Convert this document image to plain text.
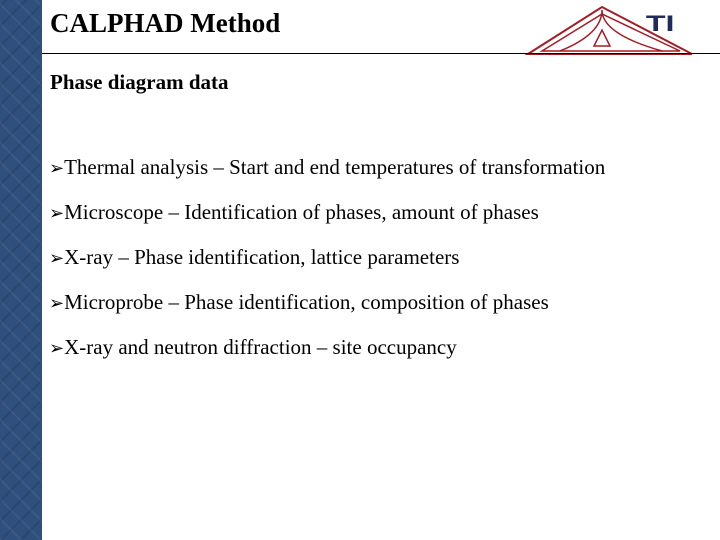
CALPHAD Method	TI
Phase diagram data
➢Thermal analysis – Start and end temperatures of transformation
➢Microscope – Identification of phases, amount of phases
➢X-ray – Phase identification, lattice parameters
➢Microprobe – Phase identification, composition of phases
➢X-ray and neutron diffraction – site occupancy
